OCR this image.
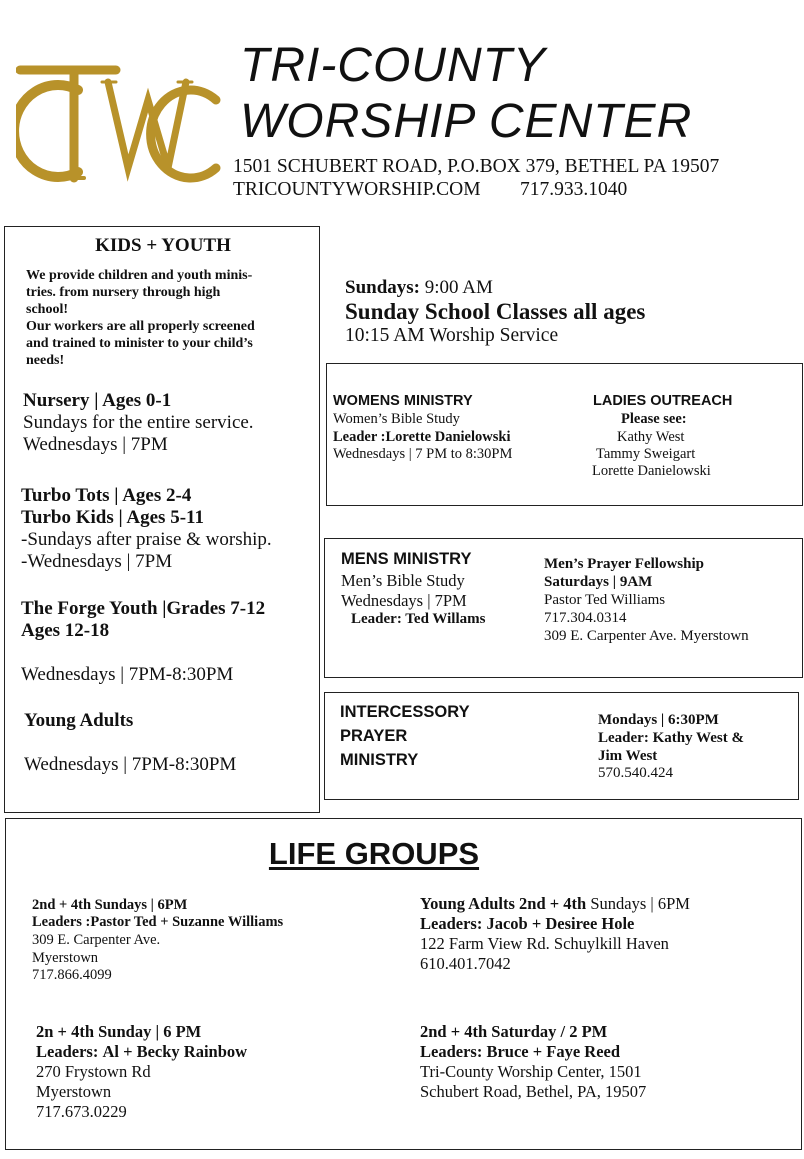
TRI-COUNTY
WORSHIP CENTER
1501 SCHUBERT ROAD, P.O.BOX 379, BETHEL PA 19507
TRICOUNTYWORSHIP.COM 717.933.1040
KIDS + YOUTH
We provide children and youth minis-
tries. from nursery through high
school!
Our workers are all properly screened
and trained to minister to your child’s
needs!
Nursery | Ages 0-1
Sundays for the entire service.
Wednesdays | 7PM
Turbo Tots | Ages 2-4
Turbo Kids | Ages 5-11
-Sundays after praise & worship.
-Wednesdays | 7PM
The Forge Youth |Grades 7-12
Ages 12-18
Wednesdays | 7PM-8:30PM
Young Adults
Wednesdays | 7PM-8:30PM
Sundays: 9:00 AM
Sunday School Classes all ages
10:15 AM Worship Service
WOMENS MINISTRY
Women’s Bible Study
Leader :Lorette Danielowski
Wednesdays | 7 PM to 8:30PM
LADIES OUTREACH
Please see:
Kathy West
Tammy Sweigart
Lorette Danielowski
MENS MINISTRY
Men’s Bible Study
Wednesdays | 7PM
Leader: Ted Willams
Men’s Prayer Fellowship
Saturdays | 9AM
Pastor Ted Williams
717.304.0314
309 E. Carpenter Ave. Myerstown
INTERCESSORY
PRAYER
MINISTRY
Mondays | 6:30PM
Leader: Kathy West &
Jim West
570.540.424
LIFE GROUPS
2nd + 4th Sundays | 6PM
Leaders :Pastor Ted + Suzanne Williams
309 E. Carpenter Ave.
Myerstown
717.866.4099
Young Adults 2nd + 4th Sundays | 6PM
Leaders: Jacob + Desiree Hole
122 Farm View Rd. Schuylkill Haven
610.401.7042
2n + 4th Sunday | 6 PM
Leaders: Al + Becky Rainbow
270 Frystown Rd
Myerstown
717.673.0229
2nd + 4th Saturday / 2 PM
Leaders: Bruce + Faye Reed
Tri-County Worship Center, 1501
Schubert Road, Bethel, PA, 19507
